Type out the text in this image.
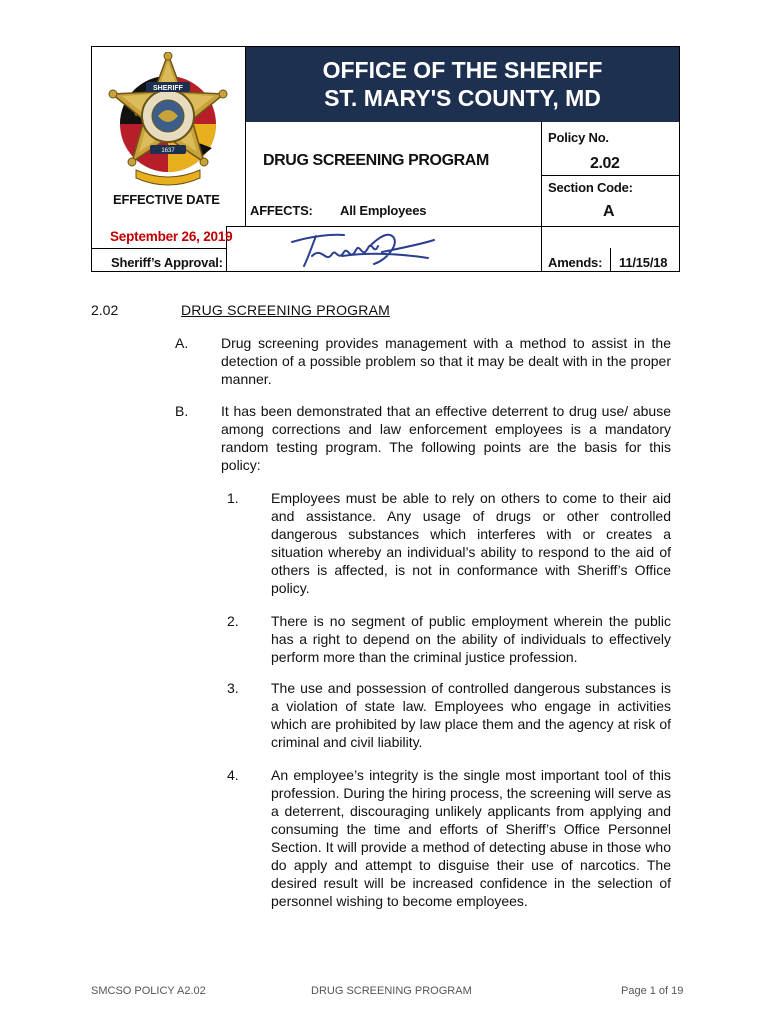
OFFICE OF THE SHERIFF
ST. MARY'S COUNTY, MD
SHERIFF
1637
EFFECTIVE DATE
September 26, 2019
Sheriff’s Approval:
DRUG SCREENING PROGRAM
AFFECTS: All Employees
Policy No.
2.02
Section Code:
A
Amends: 11/15/18
2.02	DRUG SCREENING PROGRAM
A. Drug screening provides management with a method to assist in the detection of a possible problem so that it may be dealt with in the proper manner.
B. It has been demonstrated that an effective deterrent to drug use/ abuse among corrections and law enforcement employees is a mandatory random testing program. The following points are the basis for this policy:
1. Employees must be able to rely on others to come to their aid and assistance. Any usage of drugs or other controlled dangerous substances which interferes with or creates a situation whereby an individual’s ability to respond to the aid of others is affected, is not in conformance with Sheriff’s Office policy.
2. There is no segment of public employment wherein the public has a right to depend on the ability of individuals to effectively perform more than the criminal justice profession.
3. The use and possession of controlled dangerous substances is a violation of state law. Employees who engage in activities which are prohibited by law place them and the agency at risk of criminal and civil liability.
4. An employee’s integrity is the single most important tool of this profession. During the hiring process, the screening will serve as a deterrent, discouraging unlikely applicants from applying and consuming the time and efforts of Sheriff’s Office Personnel Section. It will provide a method of detecting abuse in those who do apply and attempt to disguise their use of narcotics. The desired result will be increased confidence in the selection of personnel wishing to become employees.
SMCSO POLICY A2.02	DRUG SCREENING PROGRAM	Page 1 of 19
